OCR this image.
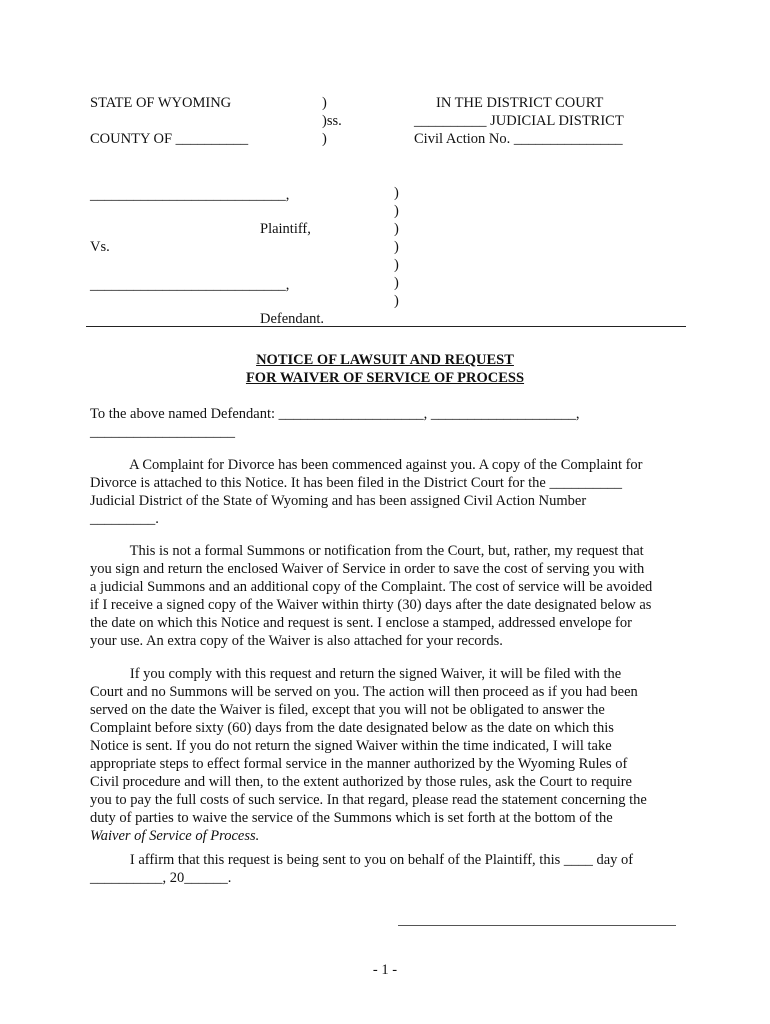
STATE OF WYOMING
COUNTY OF __________
)
)ss.
)
IN THE DISTRICT COURT
__________ JUDICIAL DISTRICT
Civil Action No. _______________
___________________________,
Plaintiff,
Vs.
___________________________,
Defendant.
)
)
)
)
)
)
)
NOTICE OF LAWSUIT AND REQUEST
FOR WAIVER OF SERVICE OF PROCESS
To the above named Defendant: ____________________, ____________________,
____________________
A Complaint for Divorce has been commenced against you. A copy of the Complaint for
Divorce is attached to this Notice. It has been filed in the District Court for the __________
Judicial District of the State of Wyoming and has been assigned Civil Action Number
_________.
This is not a formal Summons or notification from the Court, but, rather, my request that
you sign and return the enclosed Waiver of Service in order to save the cost of serving you with
a judicial Summons and an additional copy of the Complaint. The cost of service will be avoided
if I receive a signed copy of the Waiver within thirty (30) days after the date designated below as
the date on which this Notice and request is sent. I enclose a stamped, addressed envelope for
your use. An extra copy of the Waiver is also attached for your records.
If you comply with this request and return the signed Waiver, it will be filed with the
Court and no Summons will be served on you. The action will then proceed as if you had been
served on the date the Waiver is filed, except that you will not be obligated to answer the
Complaint before sixty (60) days from the date designated below as the date on which this
Notice is sent. If you do not return the signed Waiver within the time indicated, I will take
appropriate steps to effect formal service in the manner authorized by the Wyoming Rules of
Civil procedure and will then, to the extent authorized by those rules, ask the Court to require
you to pay the full costs of such service. In that regard, please read the statement concerning the
duty of parties to waive the service of the Summons which is set forth at the bottom of the
Waiver of Service of Process.
I affirm that this request is being sent to you on behalf of the Plaintiff, this ____ day of
__________, 20______.
- 1 -
